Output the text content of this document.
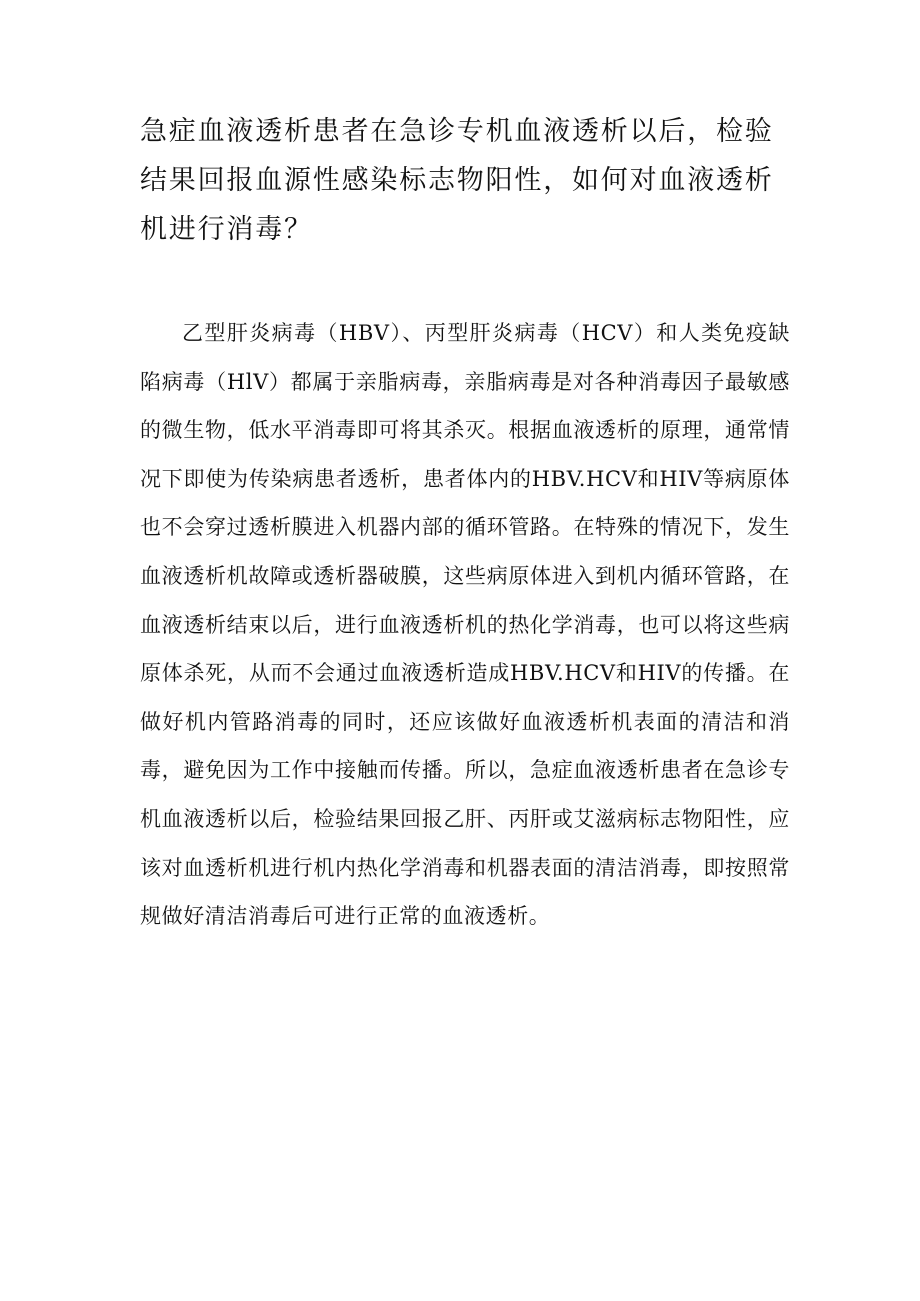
急症血液透析患者在急诊专机血液透析以后，检验结果回报血源性感染标志物阳性，如何对血液透析机进行消毒？

乙型肝炎病毒（HBV）、丙型肝炎病毒（HCV）和人类免疫缺陷病毒（HlV）都属于亲脂病毒，亲脂病毒是对各种消毒因子最敏感的微生物，低水平消毒即可将其杀灭。根据血液透析的原理，通常情况下即使为传染病患者透析，患者体内的HBV.HCV和HIV等病原体也不会穿过透析膜进入机器内部的循环管路。在特殊的情况下，发生血液透析机故障或透析器破膜，这些病原体进入到机内循环管路，在血液透析结束以后，进行血液透析机的热化学消毒，也可以将这些病原体杀死，从而不会通过血液透析造成HBV.HCV和HIV的传播。在做好机内管路消毒的同时，还应该做好血液透析机表面的清洁和消毒，避免因为工作中接触而传播。所以，急症血液透析患者在急诊专机血液透析以后，检验结果回报乙肝、丙肝或艾滋病标志物阳性，应该对血透析机进行机内热化学消毒和机器表面的清洁消毒，即按照常规做好清洁消毒后可进行正常的血液透析。
